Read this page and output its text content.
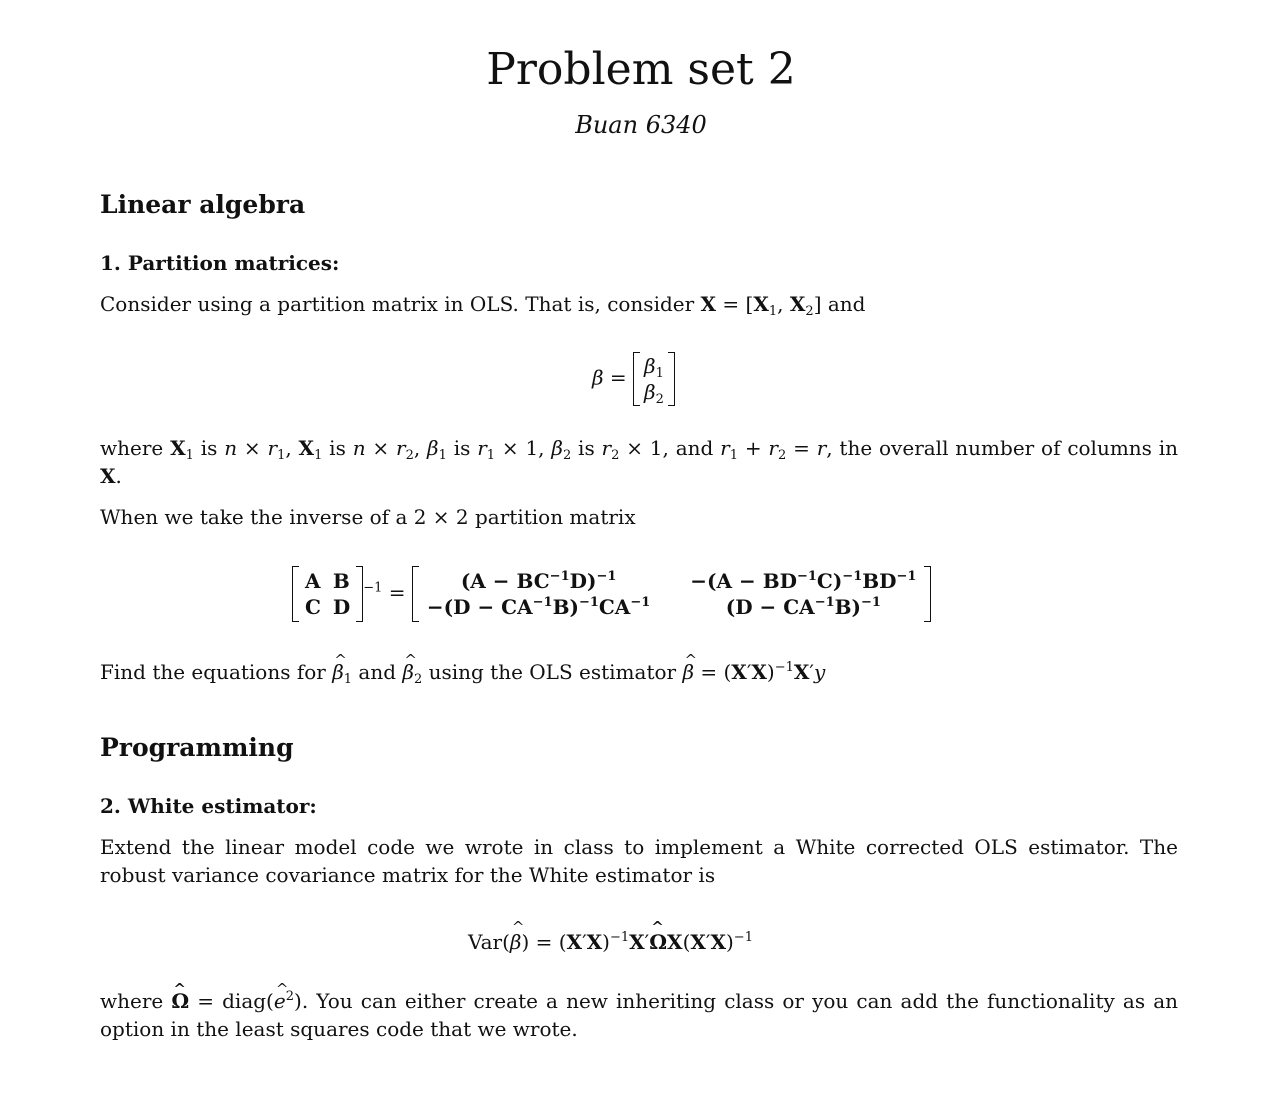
Problem set 2
Buan 6340
Linear algebra
1. Partition matrices:
Consider using a partition matrix in OLS. That is, consider $X = [X_1$, $X_2$] and
$\beta = \beta_1$
$\beta_2$
where $X_1$ is $n \times r_1$, $X_1$ is $n \times r_2$, $\beta_1$ is $r_1 \times 1$, $\beta_2$ is $r_2 \times 1$, and $r_1 + r_2 = r$, the overall number of columns in X.
When we take the inverse of a 2 × 2 partition matrix
A B
C D
$^{-1}$ =	$(A - BC^{-1}D)^{-1}$	$-(A - BD^{-1}C)^{-1}BD^{-1}$
$-(D - CA^{-1}B)^{-1}CA^{-1}$	$(D - CA^{-1}B)^{-1}$
Find the equations for ^ $\beta_1$ and ^ $\beta_2$ using the OLS estimator ^ $\beta = (X'X)^{-1}X'y$
Programming
2. White estimator:
Extend the linear model code we wrote in class to implement a White corrected OLS estimator. The robust variance covariance matrix for the White estimator is
Var(^ $\beta) = (X'X)^{-1}X'\^{}$ $\Omega X(X'X)^{-1}$
where ^ Ω = diag(^ $e^2$). You can either create a new inheriting class or you can add the functionality as an option in the least squares code that we wrote.
